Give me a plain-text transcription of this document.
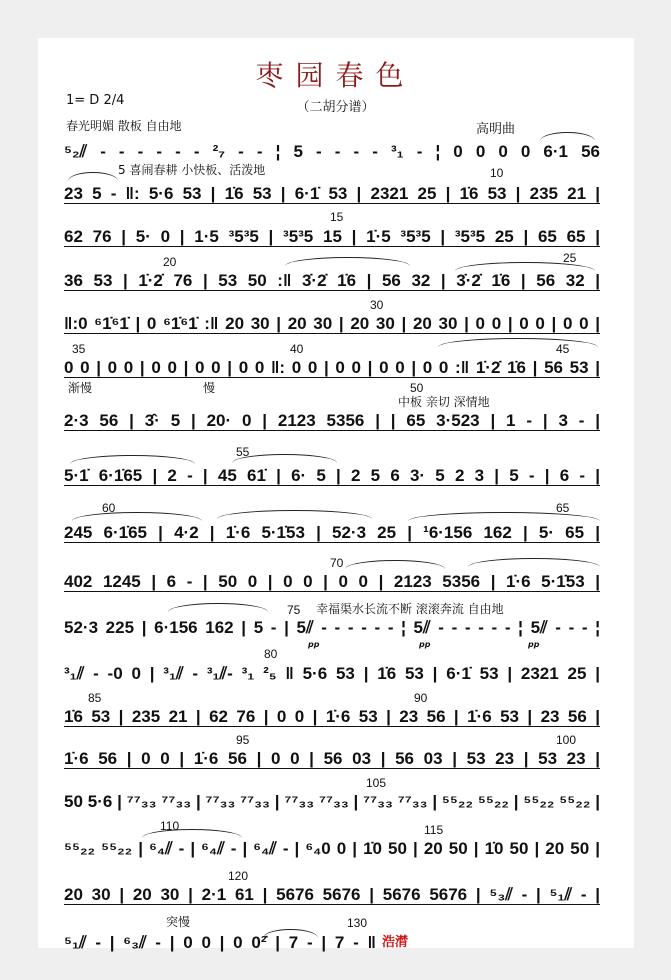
枣园春色
（二胡分谱）
1= D 2/4
高明曲
春光明媚 散板 自由地
5 喜闹春耕 小快板、活泼地
渐慢	慢
中板 亲切 深情地
幸福渠水长流不断 滚滚奔流 自由地
突慢
pp	pp	pp
浩潸
10
15
20	25
30
35	40	45
50
55
60	65
70
75
80
85	90
95	100
105
110	115
120
130
⁵₂⫽ - - - - - - ²₇ - - ¦ 5 - - - - ³₁ - ¦ 0 0 0 0 6·1 56
23 5 - ‖: 5·6 53 | 1̇6 53 | 6·1̇ 53 | 2321 25 | 1̇6 53 | 235 21 |
62 76 | 5· 0 | 1·5 ³5³5 | ³5³5 15 | 1̇·5 ³5³5 | ³5³5 25 | 65 65 |
36 53 | 1̇·2̇ 76 | 53 50 :‖ 3̇·2̇ 1̇6 | 56 32 | 3̇·2̇ 1̇6 | 56 32 |
‖:0 ⁶1̇⁶1̇ | 0 ⁶1̇⁶1̇ :‖ 20 30 | 20 30 | 20 30 | 20 30 | 0 0 | 0 0 | 0 0 |
0 0 | 0 0 | 0 0 | 0 0 | 0 0 ‖: 0 0 | 0 0 | 0 0 | 0 0 :‖ 1̇·2̇ 1̇6 | 56 53 |
2·3 56 | 3̂· 5 | 20· 0 | 2123 5356 | | 65 3·523 | 1 - | 3 - |
5·1̇ 6·1̇65 | 2 - | 45 61̇ | 6· 5 | 2 5 6 3· 5 2 3 | 5 - | 6 - |
245 6·1̇65 | 4·2 | 1̇·6 5·1̇53 | 52·3 25 | ¹6·156 162 | 5· 65 |
402 1245 | 6 - | 50 0 | 0 0 | 0 0 | 2123 5356 | 1̇·6 5·1̇53 |
52·3 225 | 6·156 162 | 5 - | 5⫽ - - - - - - ¦ 5⫽ - - - - - - ¦ 5⫽ - - - ¦
³₁⫽ - -0 0 | ³₁⫽ - ³₁⫽- ³₁ ²₅ ‖ 5·6 53 | 1̇6 53 | 6·1̇ 53 | 2321 25 |
1̇6 53 | 235 21 | 62 76 | 0 0 | 1̇·6 53 | 23 56 | 1̇·6 53 | 23 56 |
1̇·6 56 | 0 0 | 1̇·6 56 | 0 0 | 56 03 | 56 03 | 53 23 | 53 23 |
50 5·6 | ⁷⁷₃₃ ⁷⁷₃₃ | ⁷⁷₃₃ ⁷⁷₃₃ | ⁷⁷₃₃ ⁷⁷₃₃ | ⁷⁷₃₃ ⁷⁷₃₃ | ⁵⁵₂₂ ⁵⁵₂₂ | ⁵⁵₂₂ ⁵⁵₂₂ |
⁵⁵₂₂ ⁵⁵₂₂ | ⁶₄⫽ - | ⁶₄⫽ - | ⁶₄⫽ - | ⁶₄0 0 | 1̇0 50 | 20 50 | 1̇0 50 | 20 50 |
20 30 | 20 30 | 2·1 61 | 5676 5676 | 5676 5676 | ⁵₃⫽ - | ⁵₁⫽ - |
⁵₁⫽ - | ⁶₃⫽ - | 0 0 | 0 0²̇ | 7 - | 7 - ‖
